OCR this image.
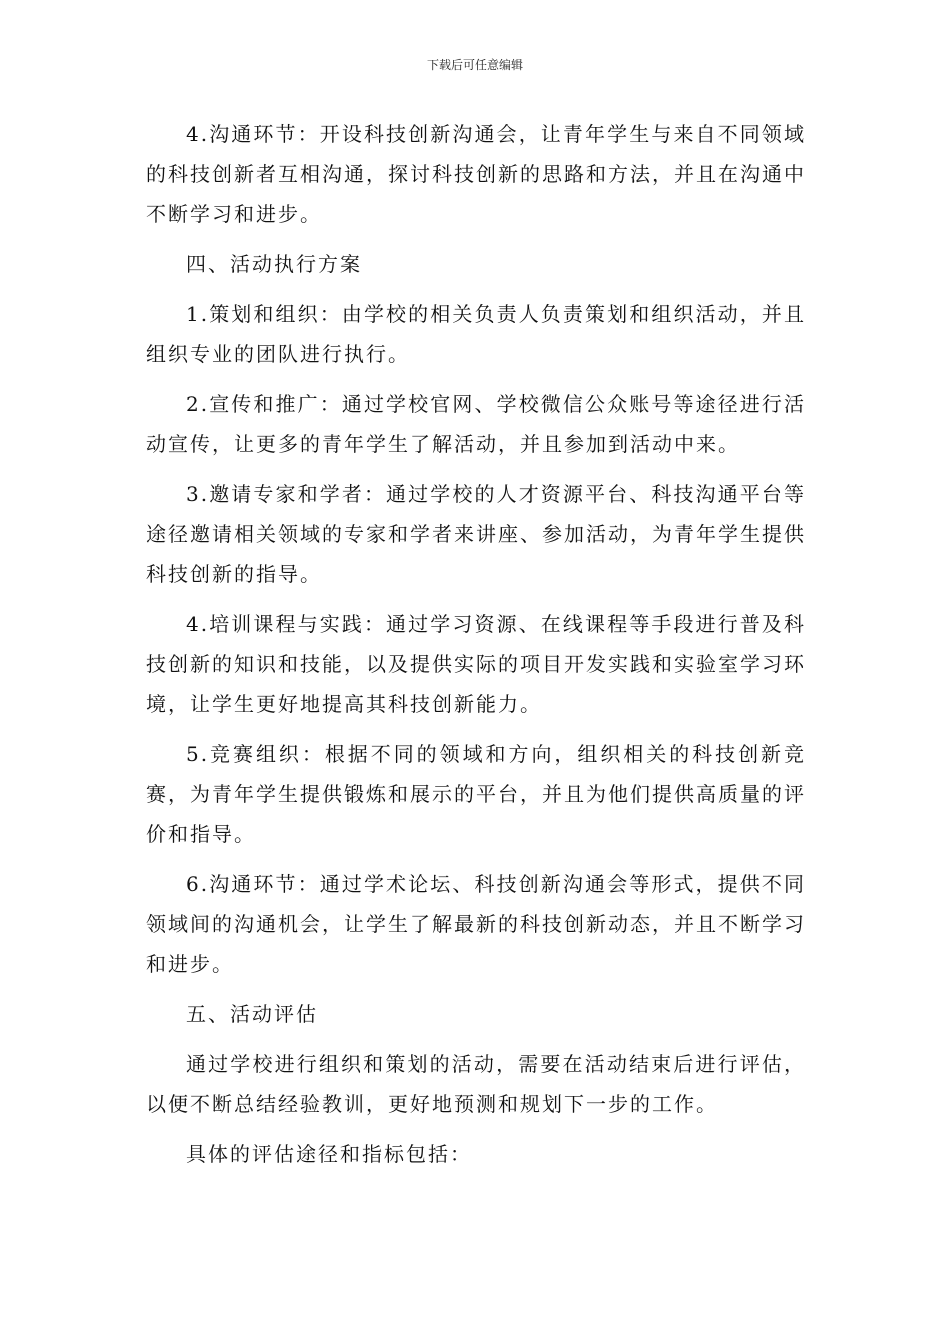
下载后可任意编辑

4.沟通环节：开设科技创新沟通会，让青年学生与来自不同领域的科技创新者互相沟通，探讨科技创新的思路和方法，并且在沟通中不断学习和进步。

四、活动执行方案

1.策划和组织：由学校的相关负责人负责策划和组织活动，并且组织专业的团队进行执行。

2.宣传和推广：通过学校官网、学校微信公众账号等途径进行活动宣传，让更多的青年学生了解活动，并且参加到活动中来。

3.邀请专家和学者：通过学校的人才资源平台、科技沟通平台等途径邀请相关领域的专家和学者来讲座、参加活动，为青年学生提供科技创新的指导。

4.培训课程与实践：通过学习资源、在线课程等手段进行普及科技创新的知识和技能，以及提供实际的项目开发实践和实验室学习环境，让学生更好地提高其科技创新能力。

5.竞赛组织：根据不同的领域和方向，组织相关的科技创新竞赛，为青年学生提供锻炼和展示的平台，并且为他们提供高质量的评价和指导。

6.沟通环节：通过学术论坛、科技创新沟通会等形式，提供不同领域间的沟通机会，让学生了解最新的科技创新动态，并且不断学习和进步。

五、活动评估

通过学校进行组织和策划的活动，需要在活动结束后进行评估，以便不断总结经验教训，更好地预测和规划下一步的工作。

具体的评估途径和指标包括：
